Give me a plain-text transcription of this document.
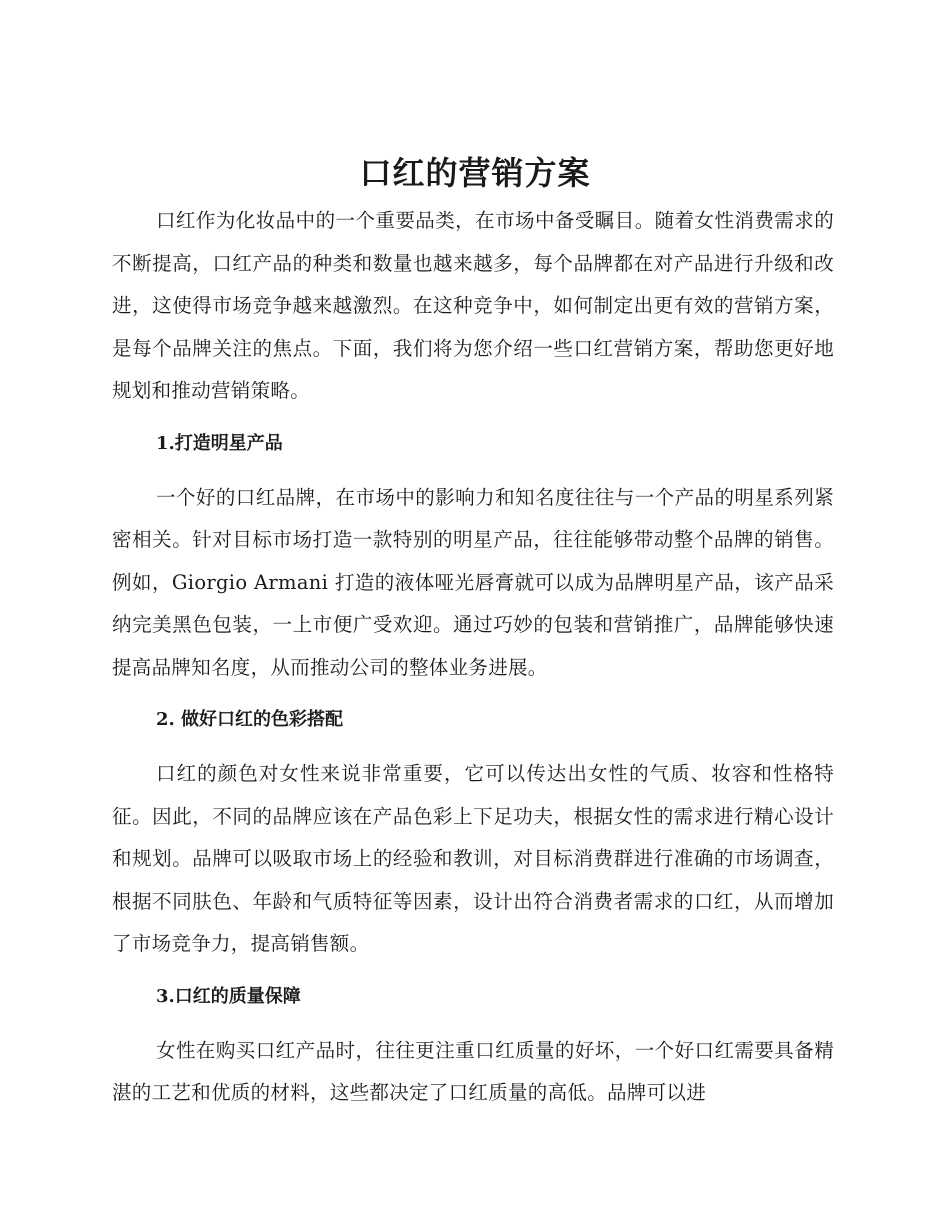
口红的营销方案

口红作为化妆品中的一个重要品类，在市场中备受瞩目。随着女性消费需求的不断提高，口红产品的种类和数量也越来越多，每个品牌都在对产品进行升级和改进，这使得市场竞争越来越激烈。在这种竞争中，如何制定出更有效的营销方案，是每个品牌关注的焦点。下面，我们将为您介绍一些口红营销方案，帮助您更好地规划和推动营销策略。

1.打造明星产品

一个好的口红品牌，在市场中的影响力和知名度往往与一个产品的明星系列紧密相关。针对目标市场打造一款特别的明星产品，往往能够带动整个品牌的销售。例如，Giorgio Armani 打造的液体哑光唇膏就可以成为品牌明星产品，该产品采纳完美黑色包装，一上市便广受欢迎。通过巧妙的包装和营销推广，品牌能够快速提高品牌知名度，从而推动公司的整体业务进展。

2. 做好口红的色彩搭配

口红的颜色对女性来说非常重要，它可以传达出女性的气质、妆容和性格特征。因此，不同的品牌应该在产品色彩上下足功夫，根据女性的需求进行精心设计和规划。品牌可以吸取市场上的经验和教训，对目标消费群进行准确的市场调查，根据不同肤色、年龄和气质特征等因素，设计出符合消费者需求的口红，从而增加了市场竞争力，提高销售额。

3.口红的质量保障

女性在购买口红产品时，往往更注重口红质量的好坏，一个好口红需要具备精湛的工艺和优质的材料，这些都决定了口红质量的高低。品牌可以进
